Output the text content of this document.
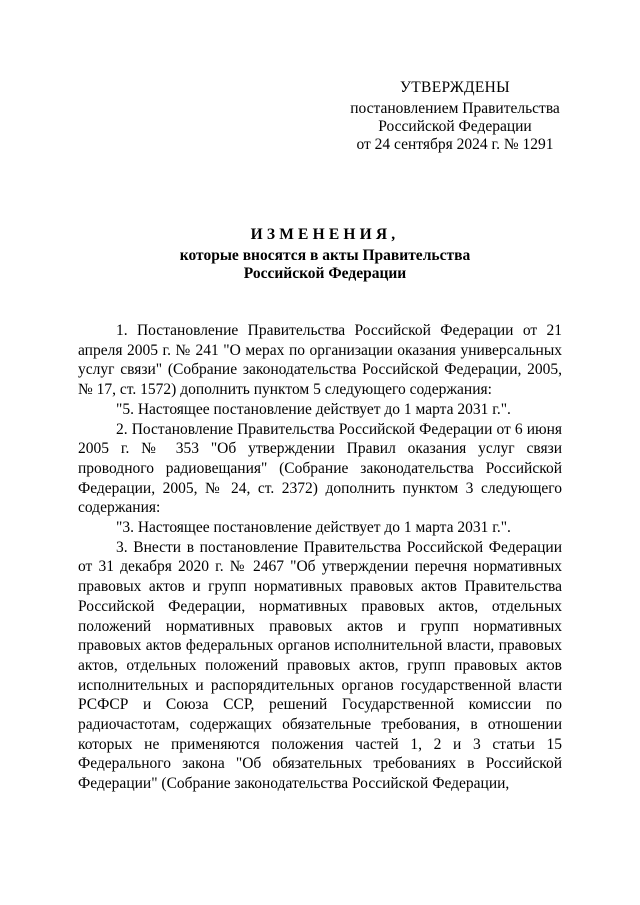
УТВЕРЖДЕНЫ
постановлением Правительства
Российской Федерации
от 24 сентября 2024 г. № 1291
ИЗМЕНЕНИЯ,
которые вносятся в акты Правительства
Российской Федерации

1. Постановление Правительства Российской Федерации от 21 апреля 2005 г. № 241 "О мерах по организации оказания универсальных услуг связи" (Собрание законодательства Российской Федерации, 2005, № 17, ст. 1572) дополнить пунктом 5 следующего содержания:

"5. Настоящее постановление действует до 1 марта 2031 г.".

2. Постановление Правительства Российской Федерации от 6 июня 2005 г. № 353 "Об утверждении Правил оказания услуг связи проводного радиовещания" (Собрание законодательства Российской Федерации, 2005, № 24, ст. 2372) дополнить пунктом 3 следующего содержания:

"3. Настоящее постановление действует до 1 марта 2031 г.".

3. Внести в постановление Правительства Российской Федерации от 31 декабря 2020 г. № 2467 "Об утверждении перечня нормативных правовых актов и групп нормативных правовых актов Правительства Российской Федерации, нормативных правовых актов, отдельных положений нормативных правовых актов и групп нормативных правовых актов федеральных органов исполнительной власти, правовых актов, отдельных положений правовых актов, групп правовых актов исполнительных и распорядительных органов государственной власти РСФСР и Союза ССР, решений Государственной комиссии по радиочастотам, содержащих обязательные требования, в отношении которых не применяются положения частей 1, 2 и 3 статьи 15 Федерального закона "Об обязательных требованиях в Российской Федерации" (Собрание законодательства Российской Федерации,
